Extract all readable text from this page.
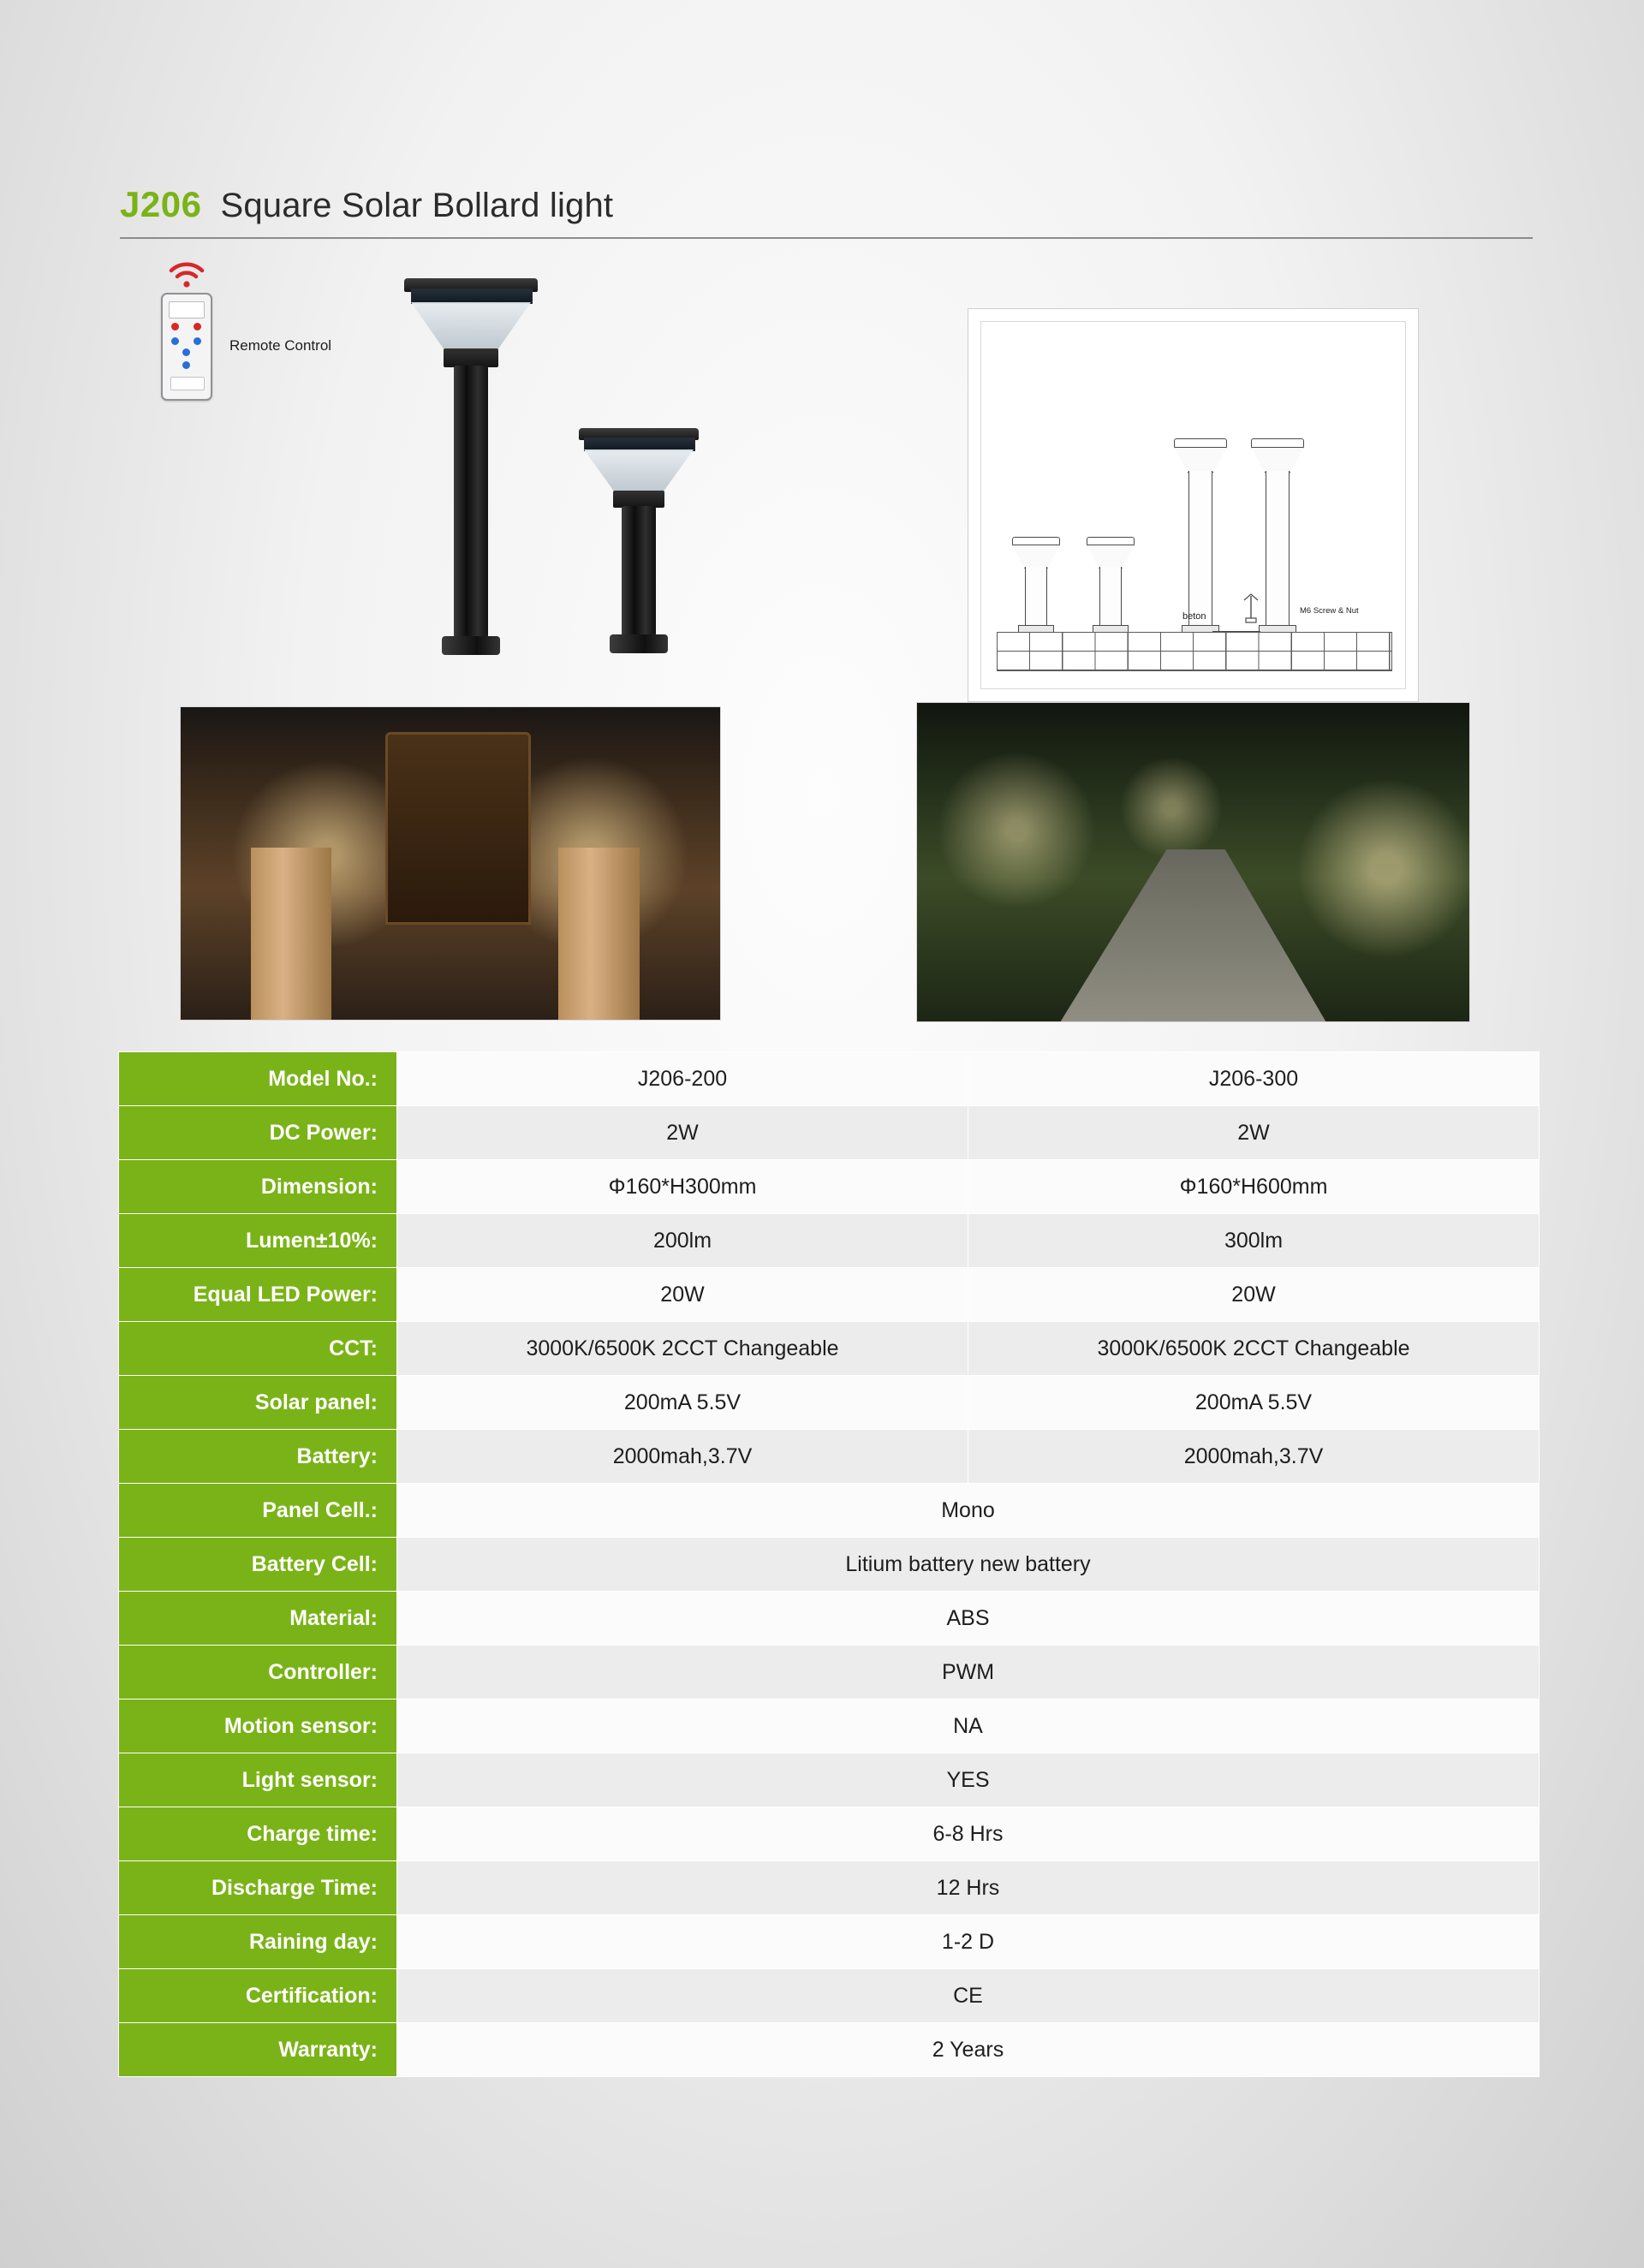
J206 Square Solar Bollard light
Remote Control
beton
M6 Screw & Nut
Model No.:	J206-200	J206-300
DC Power:	2W	2W
Dimension:	Φ160*H300mm	Φ160*H600mm
Lumen±10%:	200lm	300lm
Equal LED Power:	20W	20W
CCT:	3000K/6500K 2CCT Changeable	3000K/6500K 2CCT Changeable
Solar panel:	200mA 5.5V	200mA 5.5V
Battery:	2000mah,3.7V	2000mah,3.7V
Panel Cell.:	Mono	
Battery Cell:	Litium battery new battery	
Material:	ABS	
Controller:	PWM	
Motion sensor:	NA	
Light sensor:	YES	
Charge time:	6-8 Hrs	
Discharge Time:	12 Hrs	
Raining day:	1-2 D	
Certification:	CE	
Warranty:	2 Years	
